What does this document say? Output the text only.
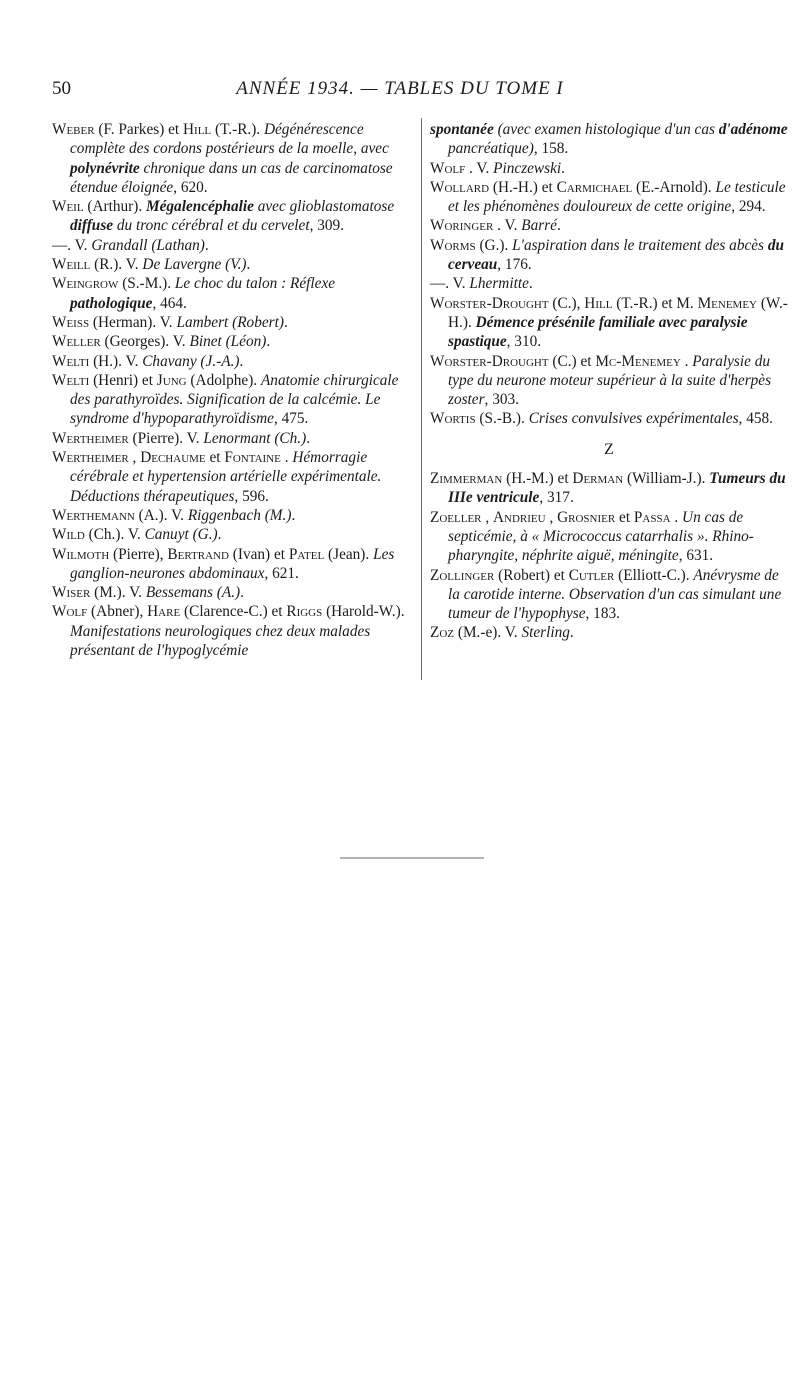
50	ANNÉE 1934. — TABLES DU TOME I

Weber (F. Parkes) et Hill (T.-R.). Dégénérescence complète des cordons postérieurs de la moelle, avec polynévrite chronique dans un cas de carcinomatose étendue éloignée, 620.

Weil (Arthur). Mégalencéphalie avec glioblastomatose diffuse du tronc cérébral et du cervelet, 309.

—. V. Grandall (Lathan).

Weill (R.). V. De Lavergne (V.).

Weingrow (S.-M.). Le choc du talon : Réflexe pathologique, 464.

Weiss (Herman). V. Lambert (Robert).

Weller (Georges). V. Binet (Léon).

Welti (H.). V. Chavany (J.-A.).

Welti (Henri) et Jung (Adolphe). Anatomie chirurgicale des parathyroïdes. Signification de la calcémie. Le syndrome d'hypoparathyroïdisme, 475.

Wertheimer (Pierre). V. Lenormant (Ch.).

Wertheimer , Dechaume et Fontaine . Hémorragie cérébrale et hypertension artérielle expérimentale. Déductions thérapeutiques, 596.

Werthemann (A.). V. Riggenbach (M.).

Wild (Ch.). V. Canuyt (G.).

Wilmoth (Pierre), Bertrand (Ivan) et Patel (Jean). Les ganglion-neurones abdominaux, 621.

Wiser (M.). V. Bessemans (A.).

Wolf (Abner), Hare (Clarence-C.) et Riggs (Harold-W.). Manifestations neurologiques chez deux malades présentant de l'hypoglycémie

spontanée (avec examen histologique d'un cas d'adénome pancréatique), 158.

Wolf . V. Pinczewski.

Wollard (H.-H.) et Carmichael (E.-Arnold). Le testicule et les phénomènes douloureux de cette origine, 294.

Woringer . V. Barré.

Worms (G.). L'aspiration dans le traitement des abcès du cerveau, 176.

—. V. Lhermitte.

Worster-Drought (C.), Hill (T.-R.) et M. Menemey (W.-H.). Démence présénile familiale avec paralysie spastique, 310.

Worster-Drought (C.) et Mc-Menemey . Paralysie du type du neurone moteur supérieur à la suite d'herpès zoster, 303.

Wortis (S.-B.). Crises convulsives expérimentales, 458.

Z

Zimmerman (H.-M.) et Derman (William-J.). Tumeurs du IIIe ventricule, 317.

Zoeller , Andrieu , Grosnier et Passa . Un cas de septicémie, à « Micrococcus catarrhalis ». Rhino-pharyngite, néphrite aiguë, méningite, 631.

Zollinger (Robert) et Cutler (Elliott-C.). Anévrysme de la carotide interne. Observation d'un cas simulant une tumeur de l'hypophyse, 183.

Zoz (M.-e). V. Sterling.
